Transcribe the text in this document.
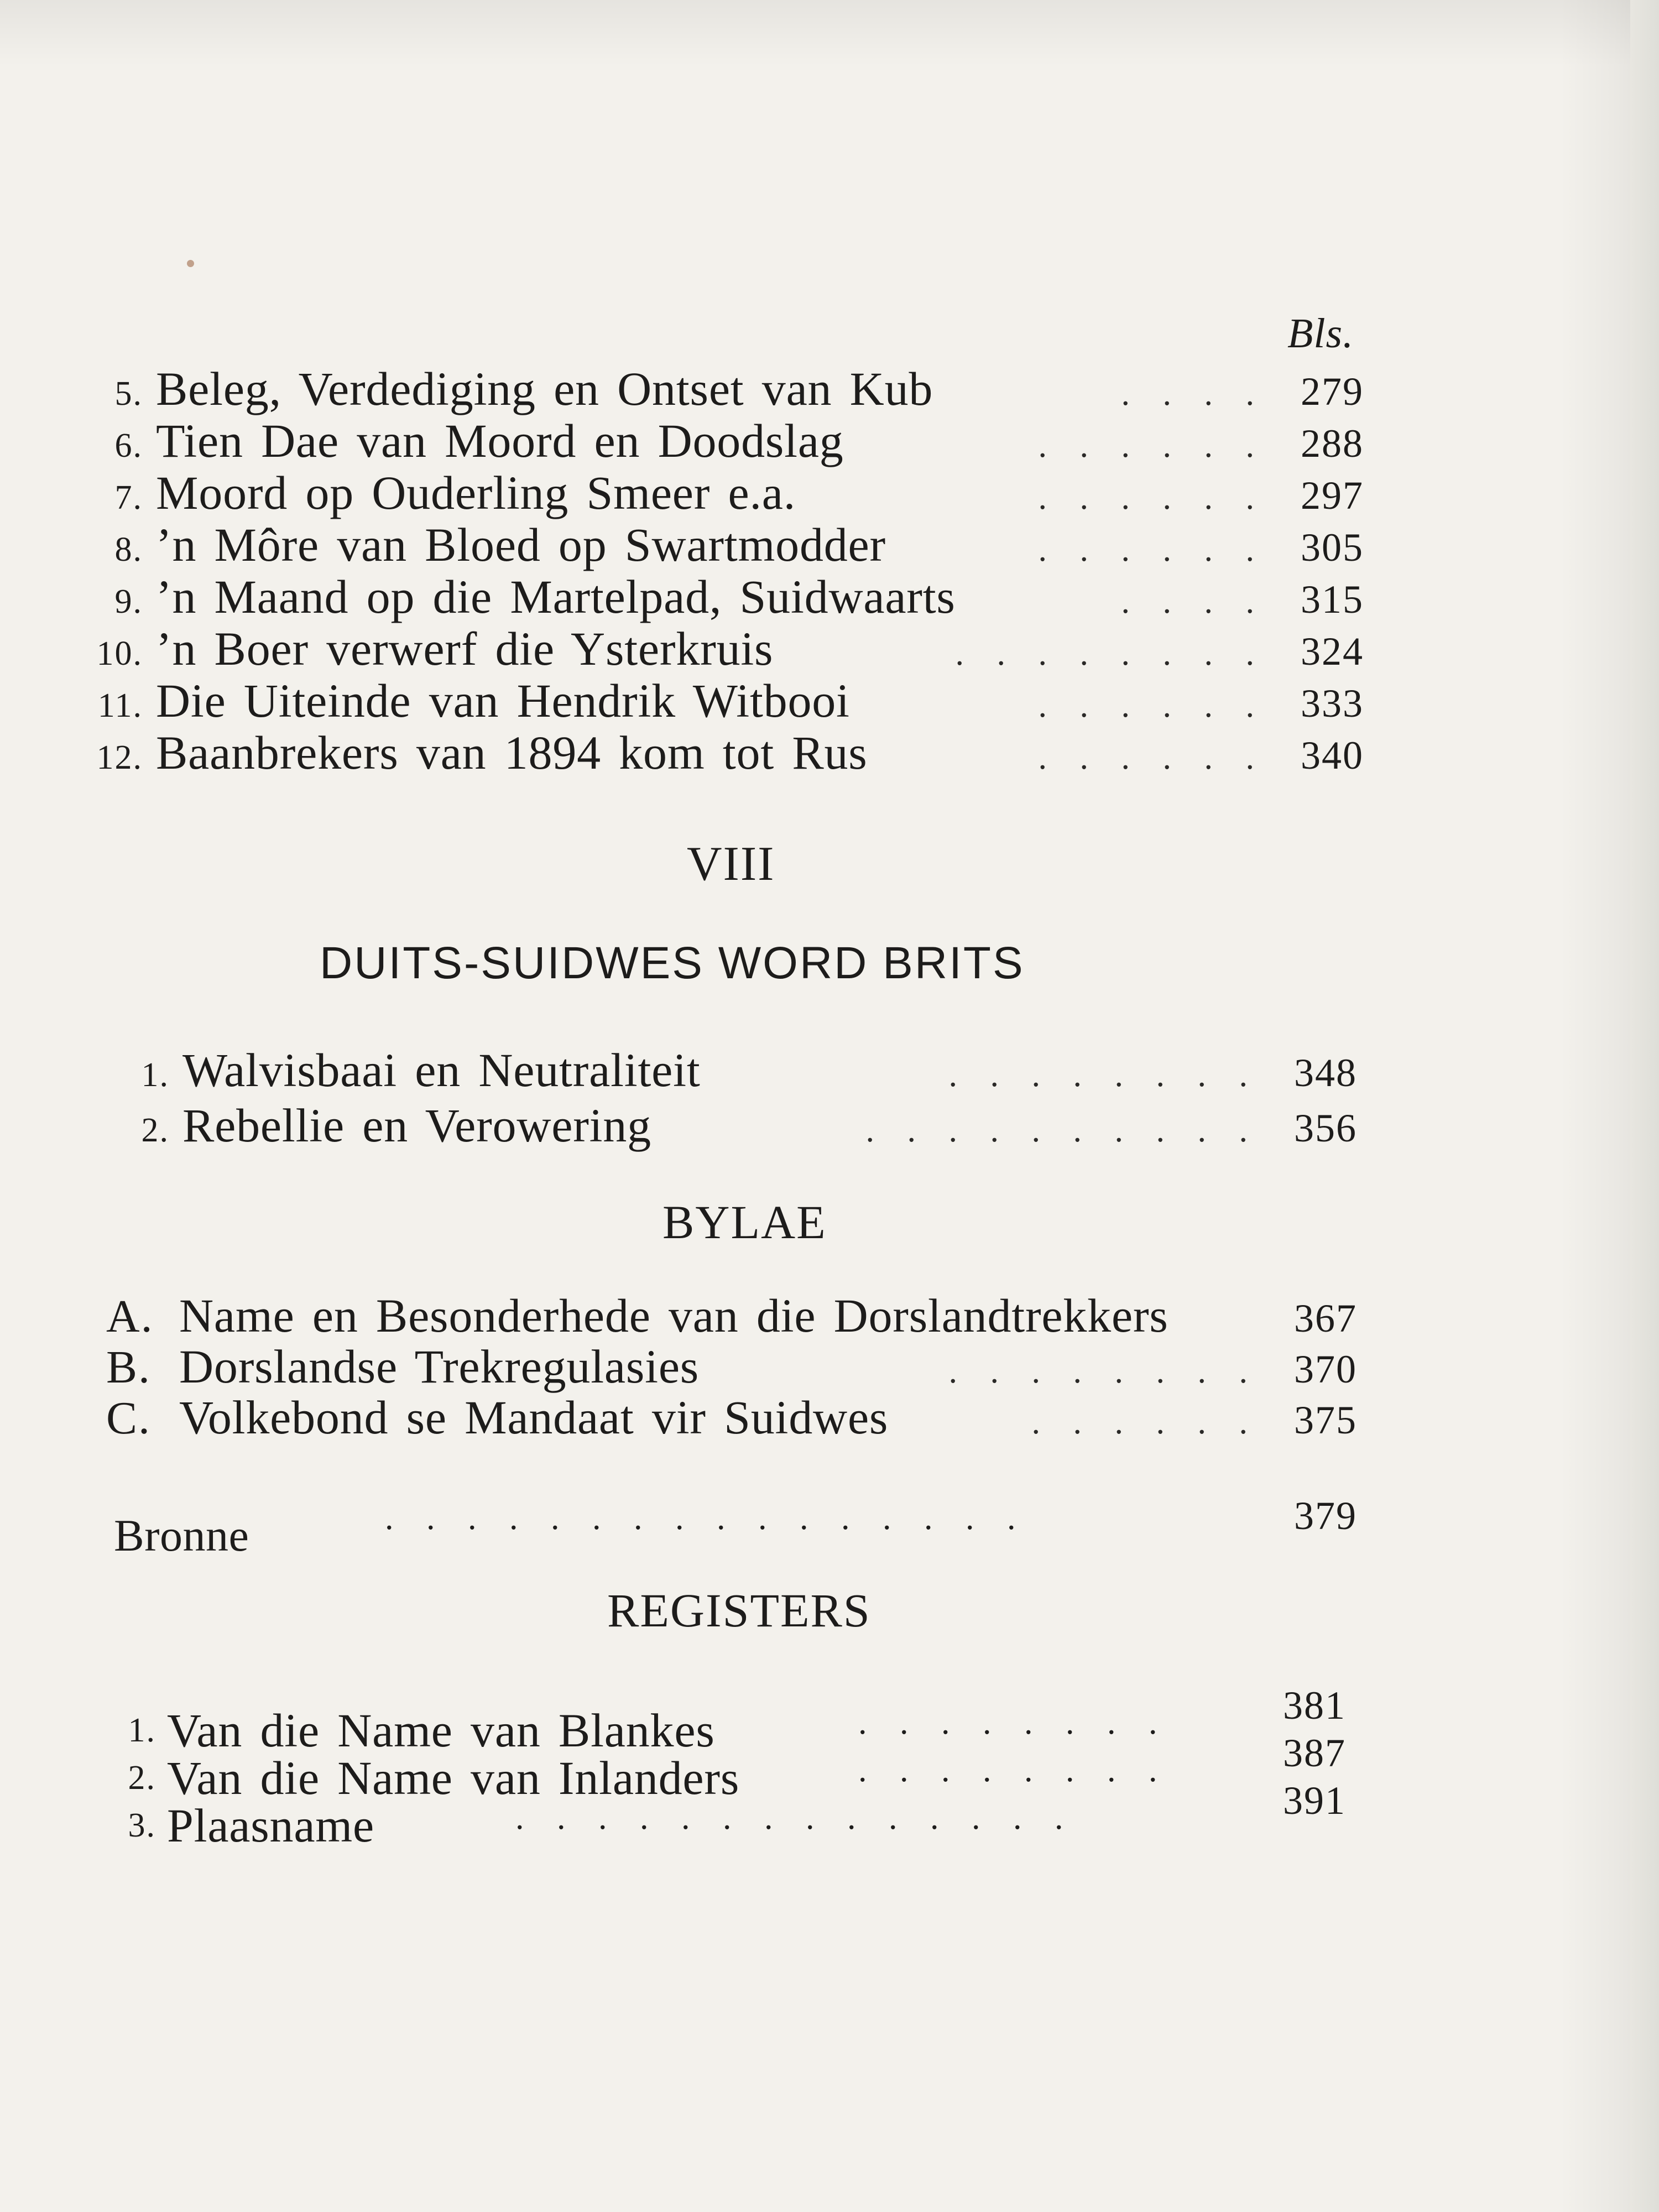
Bls.
5. Beleg, Verdediging en Ontset van Kub	. . . . 279
6. Tien Dae van Moord en Doodslag	. . . . . . 288
7. Moord op Ouderling Smeer e.a.	. . . . . . 297
8. ’n Môre van Bloed op Swartmodder	. . . . . . 305
9. ’n Maand op die Martelpad, Suidwaarts	. . . . 315
10. ’n Boer verwerf die Ysterkruis	. . . . . . . . 324
11. Die Uiteinde van Hendrik Witbooi	. . . . . . 333
12. Baanbrekers van 1894 kom tot Rus	. . . . . . 340
VIII
DUITS-SUIDWES WORD BRITS
1. Walvisbaai en Neutraliteit	. . . . . . . . 348
2. Rebellie en Verowering	. . . . . . . . . . 356
BYLAE
A. Name en Besonderhede van die Dorslandtrekkers	367
B. Dorslandse Trekregulasies	. . . . . . . . 370
C. Volkebond se Mandaat vir Suidwes	. . . . . . 375
Bronne	. . . . . . . . . . . . . . . .	379
REGISTERS
1. Van die Name van Blankes	. . . . . . . .	381
2. Van die Name van Inlanders	. . . . . . . .	387
3. Plaasname	. . . . . . . . . . . . . .	391
